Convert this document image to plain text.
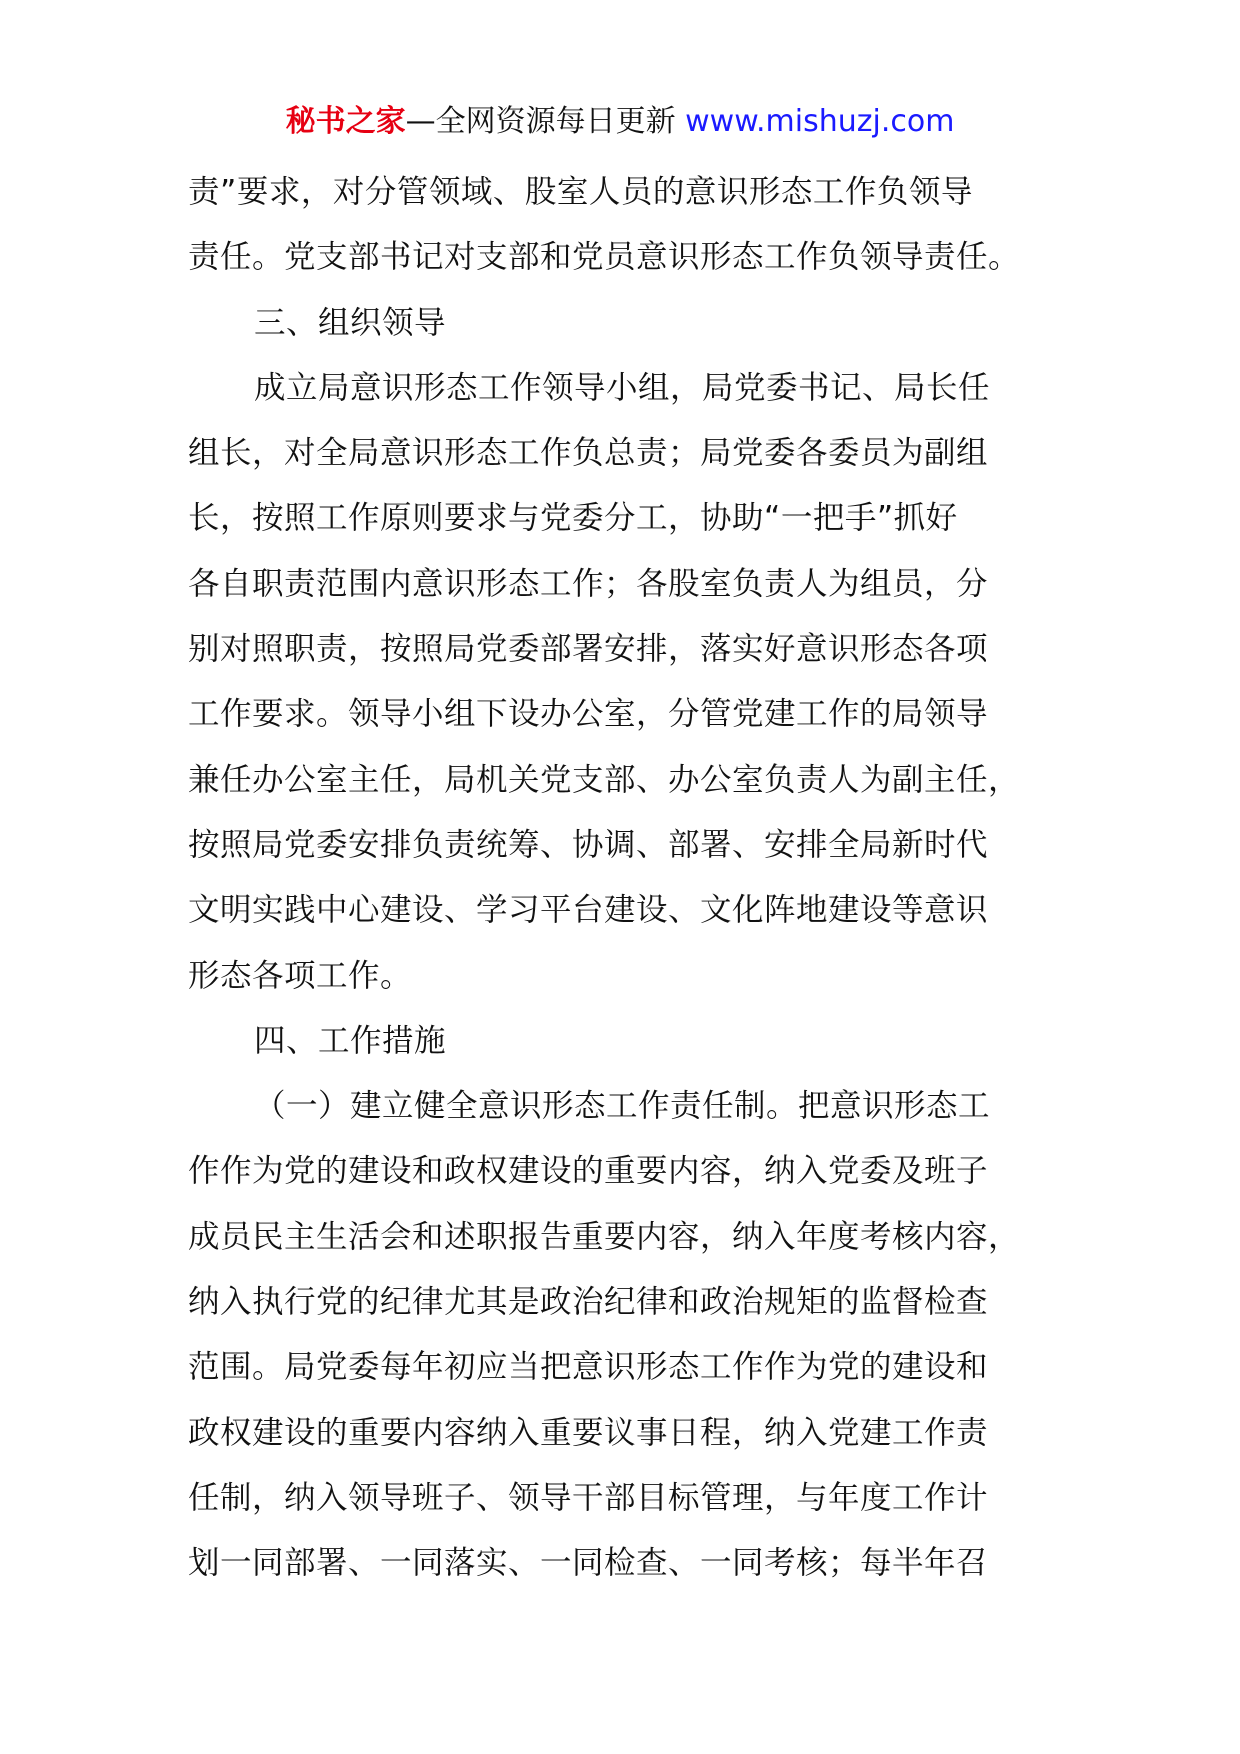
秘书之家—全网资源每日更新 www.mishuzj.com
责”要求，对分管领域、股室人员的意识形态工作负领导
责任。党支部书记对支部和党员意识形态工作负领导责任。
三、组织领导
成立局意识形态工作领导小组，局党委书记、局长任
组长，对全局意识形态工作负总责；局党委各委员为副组
长，按照工作原则要求与党委分工，协助“一把手”抓好
各自职责范围内意识形态工作；各股室负责人为组员，分
别对照职责，按照局党委部署安排，落实好意识形态各项
工作要求。领导小组下设办公室，分管党建工作的局领导
兼任办公室主任，局机关党支部、办公室负责人为副主任，
按照局党委安排负责统筹、协调、部署、安排全局新时代
文明实践中心建设、学习平台建设、文化阵地建设等意识
形态各项工作。
四、工作措施
（一）建立健全意识形态工作责任制。把意识形态工
作作为党的建设和政权建设的重要内容，纳入党委及班子
成员民主生活会和述职报告重要内容，纳入年度考核内容，
纳入执行党的纪律尤其是政治纪律和政治规矩的监督检查
范围。局党委每年初应当把意识形态工作作为党的建设和
政权建设的重要内容纳入重要议事日程，纳入党建工作责
任制，纳入领导班子、领导干部目标管理，与年度工作计
划一同部署、一同落实、一同检查、一同考核；每半年召
